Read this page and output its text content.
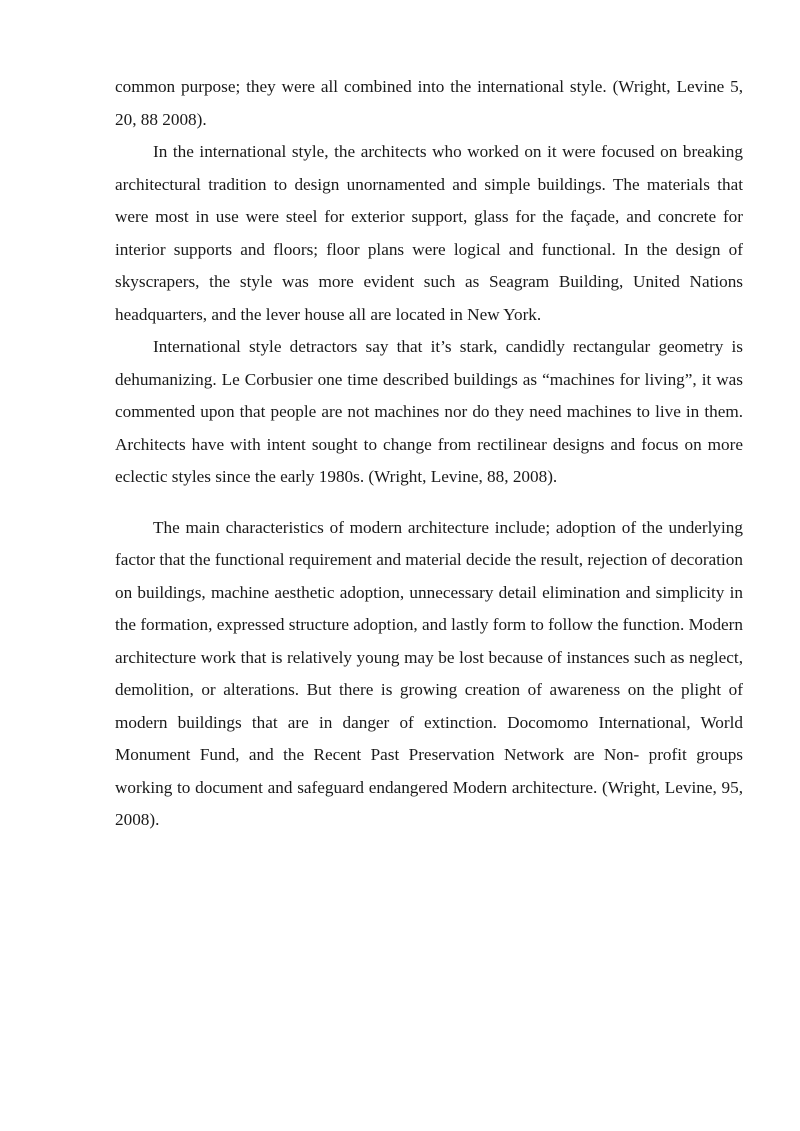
common purpose; they were all combined into the international style. (Wright, Levine 5, 20, 88 2008).

In the international style, the architects who worked on it were focused on breaking architectural tradition to design unornamented and simple buildings. The materials that were most in use were steel for exterior support, glass for the façade, and concrete for interior supports and floors; floor plans were logical and functional. In the design of skyscrapers, the style was more evident such as Seagram Building, United Nations headquarters, and the lever house all are located in New York.

International style detractors say that it’s stark, candidly rectangular geometry is dehumanizing. Le Corbusier one time described buildings as “machines for living”, it was commented upon that people are not machines nor do they need machines to live in them. Architects have with intent sought to change from rectilinear designs and focus on more eclectic styles since the early 1980s. (Wright, Levine, 88, 2008).

The main characteristics of modern architecture include; adoption of the underlying factor that the functional requirement and material decide the result, rejection of decoration on buildings, machine aesthetic adoption, unnecessary detail elimination and simplicity in the formation, expressed structure adoption, and lastly form to follow the function. Modern architecture work that is relatively young may be lost because of instances such as neglect, demolition, or alterations. But there is growing creation of awareness on the plight of modern buildings that are in danger of extinction. Docomomo International, World Monument Fund, and the Recent Past Preservation Network are Non- profit groups working to document and safeguard endangered Modern architecture. (Wright, Levine, 95, 2008).
